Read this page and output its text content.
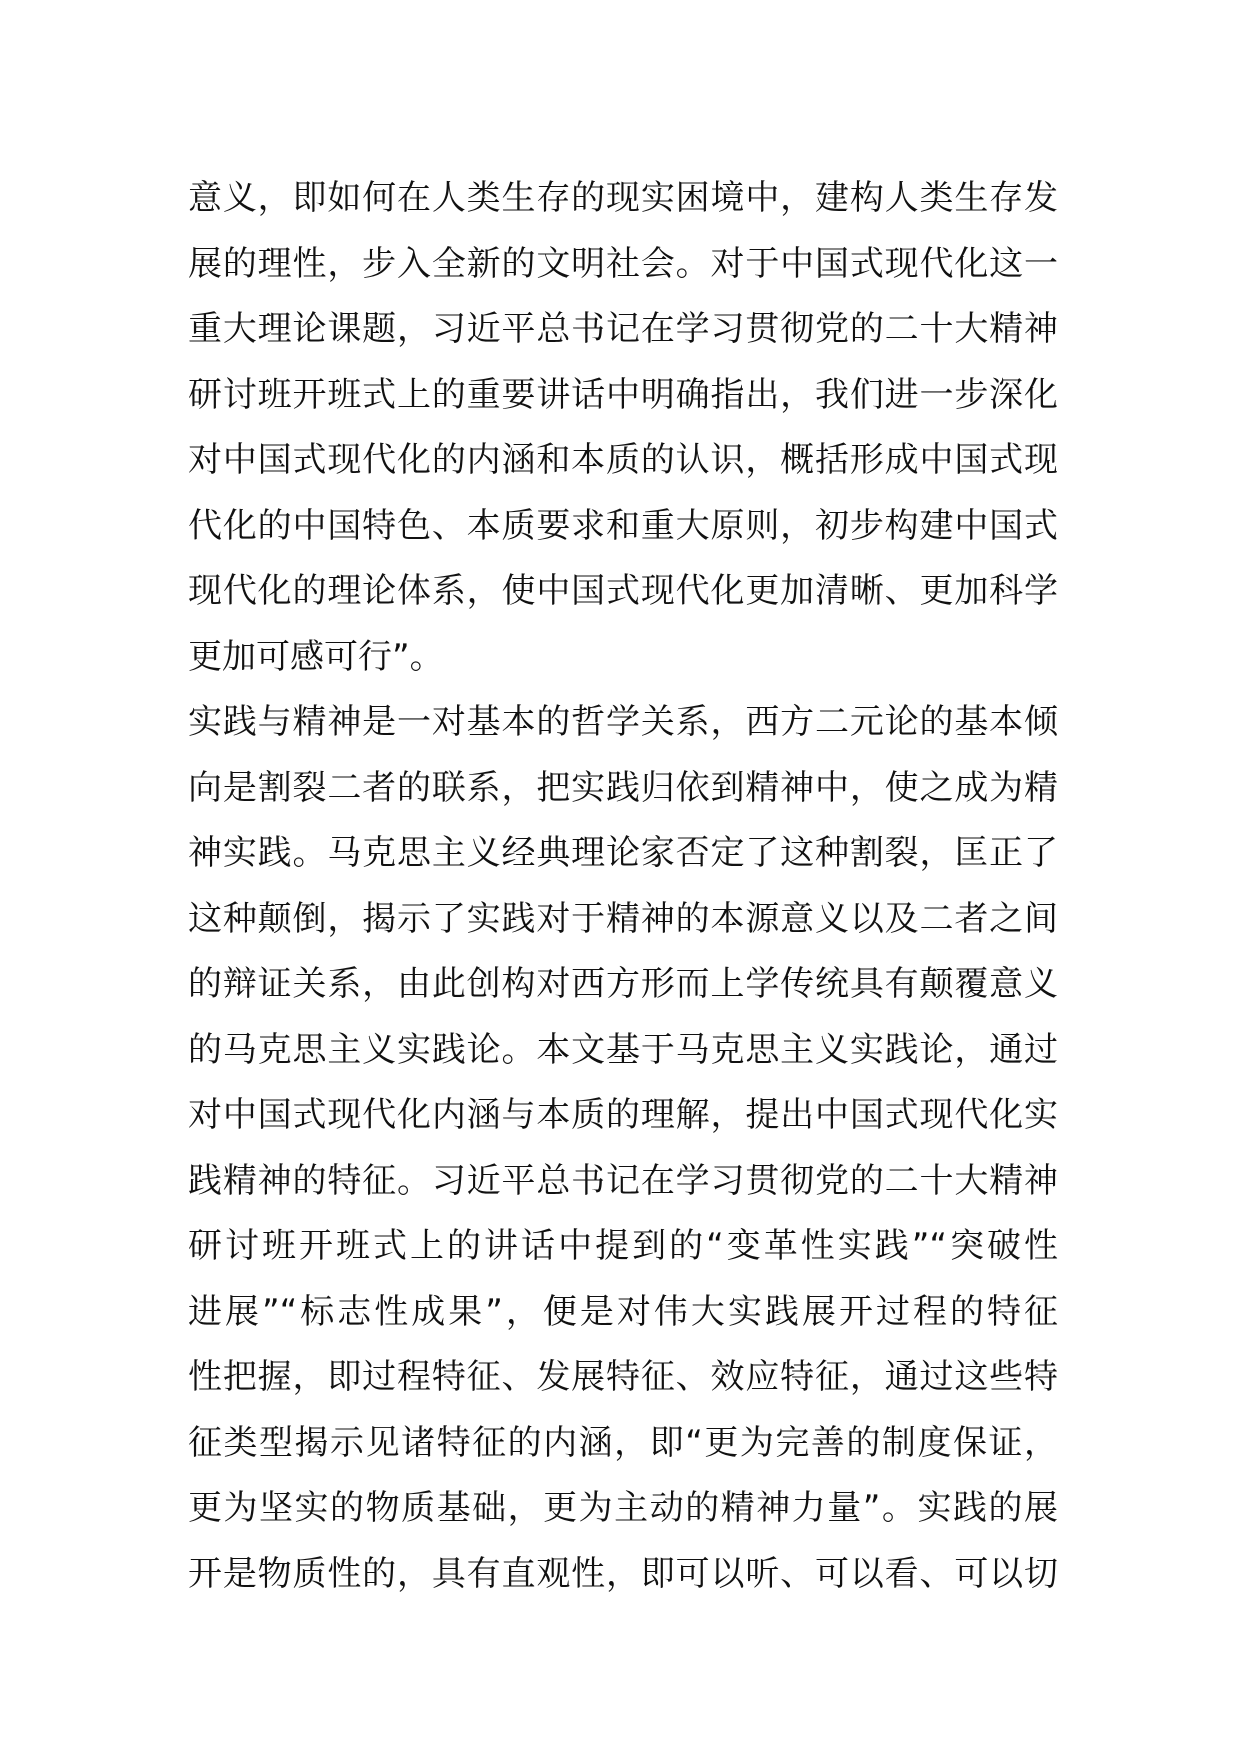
意义，即如何在人类生存的现实困境中，建构人类生存发
展的理性，步入全新的文明社会。对于中国式现代化这一
重大理论课题，习近平总书记在学习贯彻党的二十大精神
研讨班开班式上的重要讲话中明确指出，我们进一步深化
对中国式现代化的内涵和本质的认识，概括形成中国式现
代化的中国特色、本质要求和重大原则，初步构建中国式
现代化的理论体系，使中国式现代化更加清晰、更加科学
更加可感可行”。
实践与精神是一对基本的哲学关系，西方二元论的基本倾
向是割裂二者的联系，把实践归依到精神中，使之成为精
神实践。马克思主义经典理论家否定了这种割裂，匡正了
这种颠倒，揭示了实践对于精神的本源意义以及二者之间
的辩证关系，由此创构对西方形而上学传统具有颠覆意义
的马克思主义实践论。本文基于马克思主义实践论，通过
对中国式现代化内涵与本质的理解，提出中国式现代化实
践精神的特征。习近平总书记在学习贯彻党的二十大精神
研讨班开班式上的讲话中提到的“变革性实践”“突破性
进展”“标志性成果”，便是对伟大实践展开过程的特征
性把握，即过程特征、发展特征、效应特征，通过这些特
征类型揭示见诸特征的内涵，即“更为完善的制度保证，
更为坚实的物质基础，更为主动的精神力量”。实践的展
开是物质性的，具有直观性，即可以听、可以看、可以切
